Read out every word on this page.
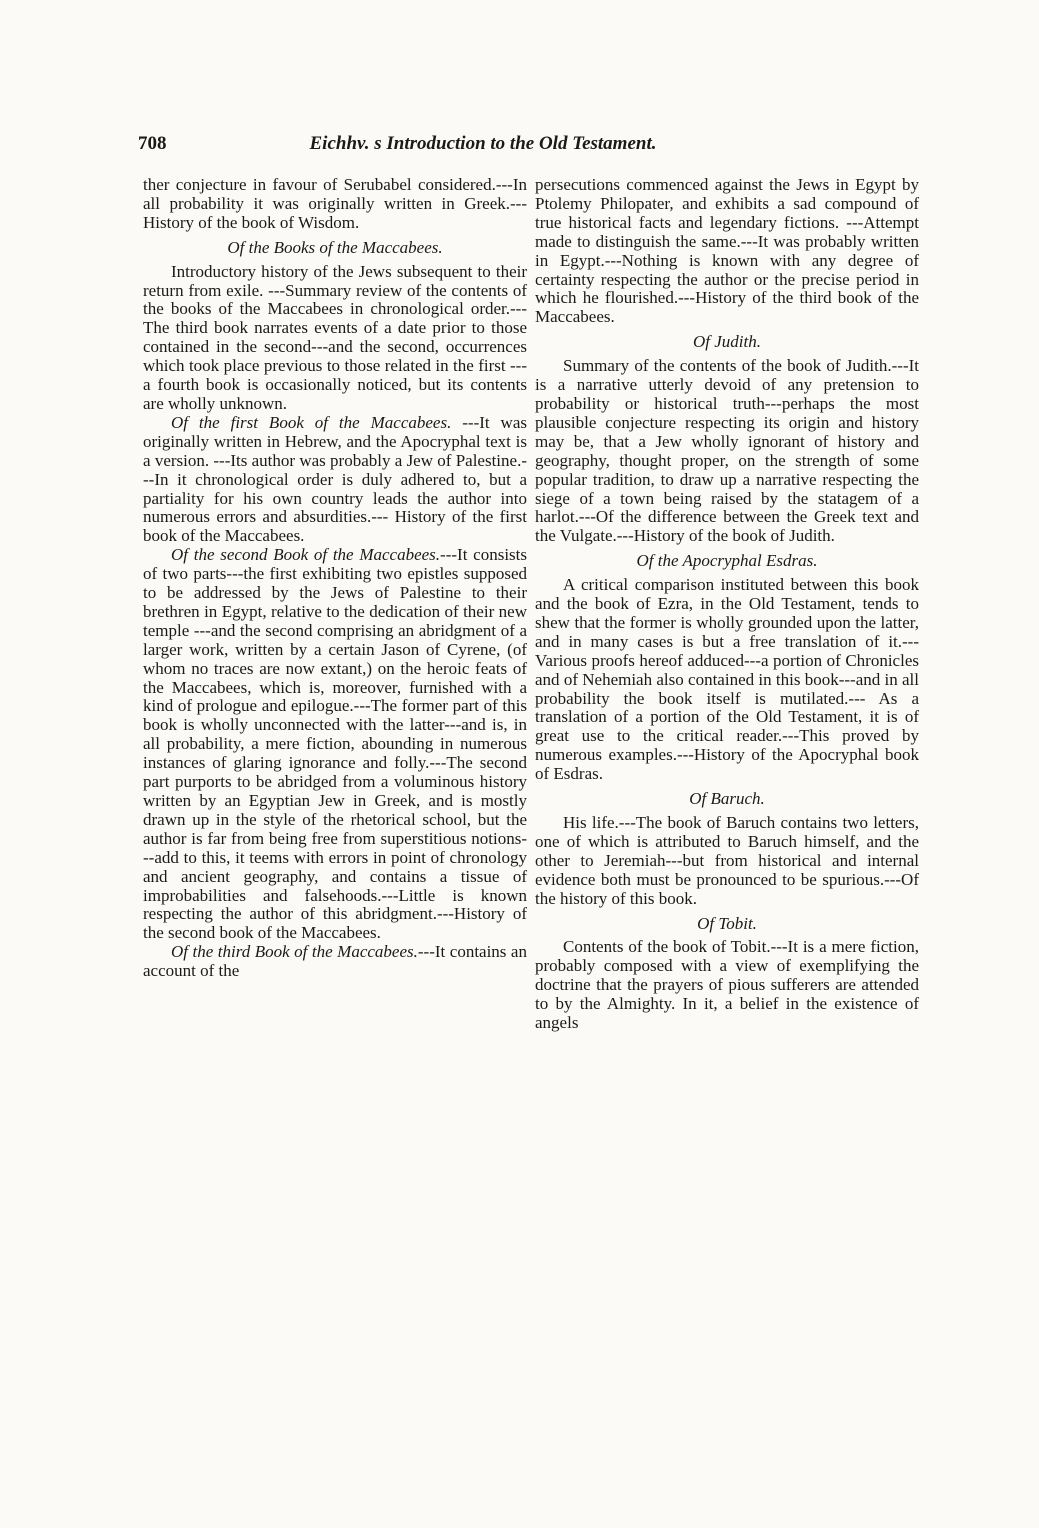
708	Eichhv. s Introduction to the Old Testament.

ther conjecture in favour of Serubabel considered.---In all probability it was originally written in Greek.---History of the book of Wisdom.

Of the Books of the Maccabees.

Introductory history of the Jews subsequent to their return from exile. ---Summary review of the contents of the books of the Maccabees in chronological order.---The third book narrates events of a date prior to those contained in the second---and the second, occurrences which took place previous to those related in the first ---a fourth book is occasionally noticed, but its contents are wholly unknown.

Of the first Book of the Maccabees. ---It was originally written in Hebrew, and the Apocryphal text is a version. ---Its author was probably a Jew of Palestine.---In it chronological order is duly adhered to, but a partiality for his own country leads the author into numerous errors and absurdities.--- History of the first book of the Maccabees.

Of the second Book of the Maccabees.---It consists of two parts---the first exhibiting two epistles supposed to be addressed by the Jews of Palestine to their brethren in Egypt, relative to the dedication of their new temple ---and the second comprising an abridgment of a larger work, written by a certain Jason of Cyrene, (of whom no traces are now extant,) on the heroic feats of the Maccabees, which is, moreover, furnished with a kind of prologue and epilogue.---The former part of this book is wholly unconnected with the latter---and is, in all probability, a mere fiction, abounding in numerous instances of glaring ignorance and folly.---The second part purports to be abridged from a voluminous history written by an Egyptian Jew in Greek, and is mostly drawn up in the style of the rhetorical school, but the author is far from being free from superstitious notions---add to this, it teems with errors in point of chronology and ancient geography, and contains a tissue of improbabilities and falsehoods.---Little is known respecting the author of this abridgment.---History of the second book of the Maccabees.

Of the third Book of the Maccabees.---It contains an account of the

persecutions commenced against the Jews in Egypt by Ptolemy Philopater, and exhibits a sad compound of true historical facts and legendary fictions. ---Attempt made to distinguish the same.---It was probably written in Egypt.---Nothing is known with any degree of certainty respecting the author or the precise period in which he flourished.---History of the third book of the Maccabees.

Of Judith.

Summary of the contents of the book of Judith.---It is a narrative utterly devoid of any pretension to probability or historical truth---perhaps the most plausible conjecture respecting its origin and history may be, that a Jew wholly ignorant of history and geography, thought proper, on the strength of some popular tradition, to draw up a narrative respecting the siege of a town being raised by the statagem of a harlot.---Of the difference between the Greek text and the Vulgate.---History of the book of Judith.

Of the Apocryphal Esdras.

A critical comparison instituted between this book and the book of Ezra, in the Old Testament, tends to shew that the former is wholly grounded upon the latter, and in many cases is but a free translation of it.---Various proofs hereof adduced---a portion of Chronicles and of Nehemiah also contained in this book---and in all probability the book itself is mutilated.--- As a translation of a portion of the Old Testament, it is of great use to the critical reader.---This proved by numerous examples.---History of the Apocryphal book of Esdras.

Of Baruch.

His life.---The book of Baruch contains two letters, one of which is attributed to Baruch himself, and the other to Jeremiah---but from historical and internal evidence both must be pronounced to be spurious.---Of the history of this book.

Of Tobit.

Contents of the book of Tobit.---It is a mere fiction, probably composed with a view of exemplifying the doctrine that the prayers of pious sufferers are attended to by the Almighty. In it, a belief in the existence of angels
